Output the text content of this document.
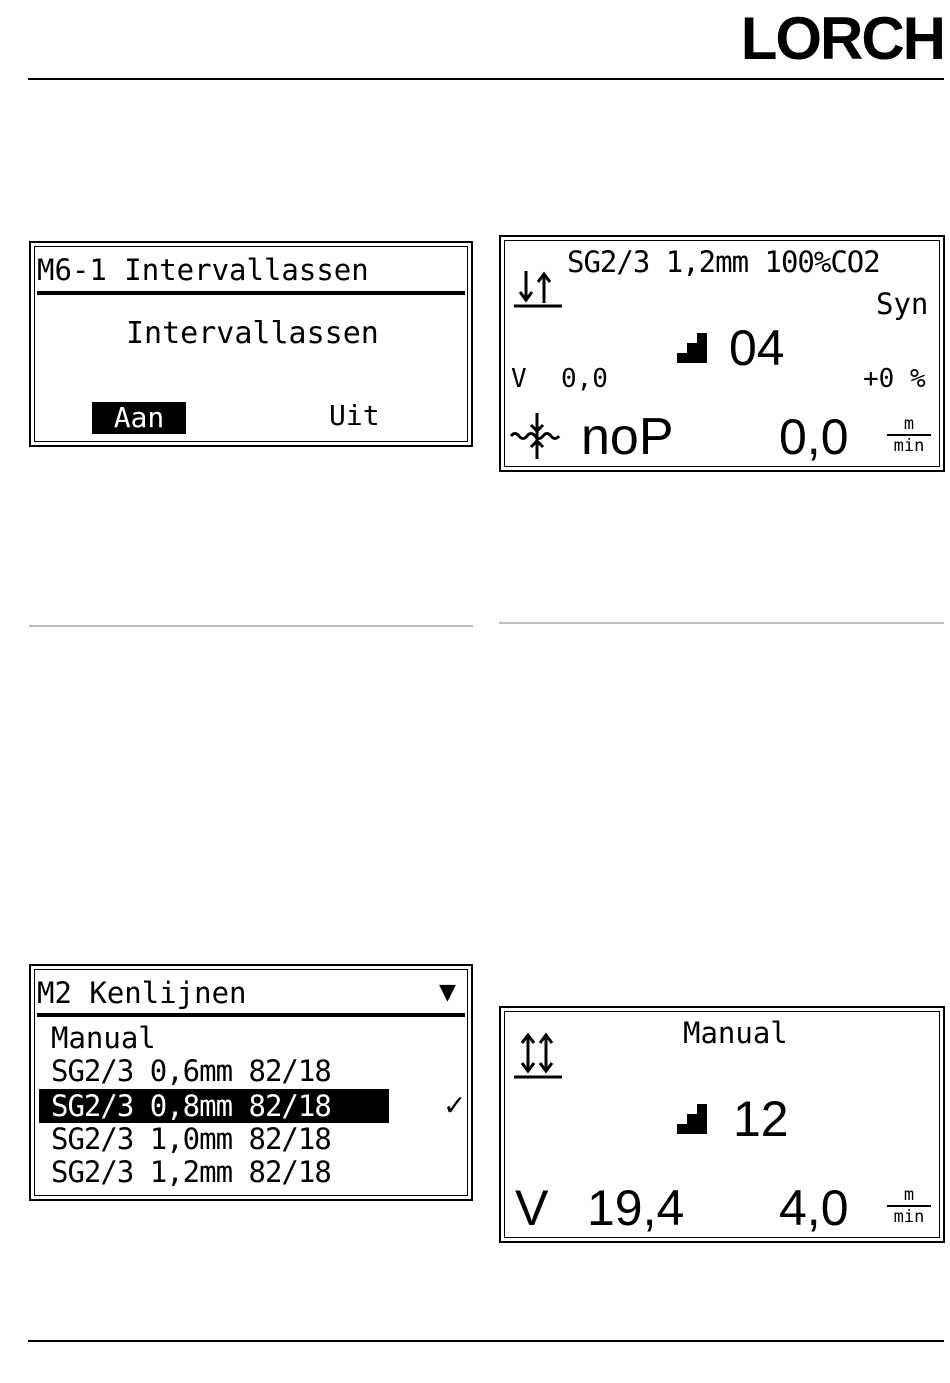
LORCH
M6-1 Intervallassen
Intervallassen
Aan	Uit
SG2/3 1,2mm 100%CO2
Syn
04
V 0,0	+0 %
noP 0,0	m
min
M2 Kenlijnen	▼
Manual
SG2/3 0,6mm 82/18
SG2/3 0,8mm 82/18	✓
SG2/3 1,0mm 82/18
SG2/3 1,2mm 82/18
Manual
12
V 19,4 4,0	m
min
